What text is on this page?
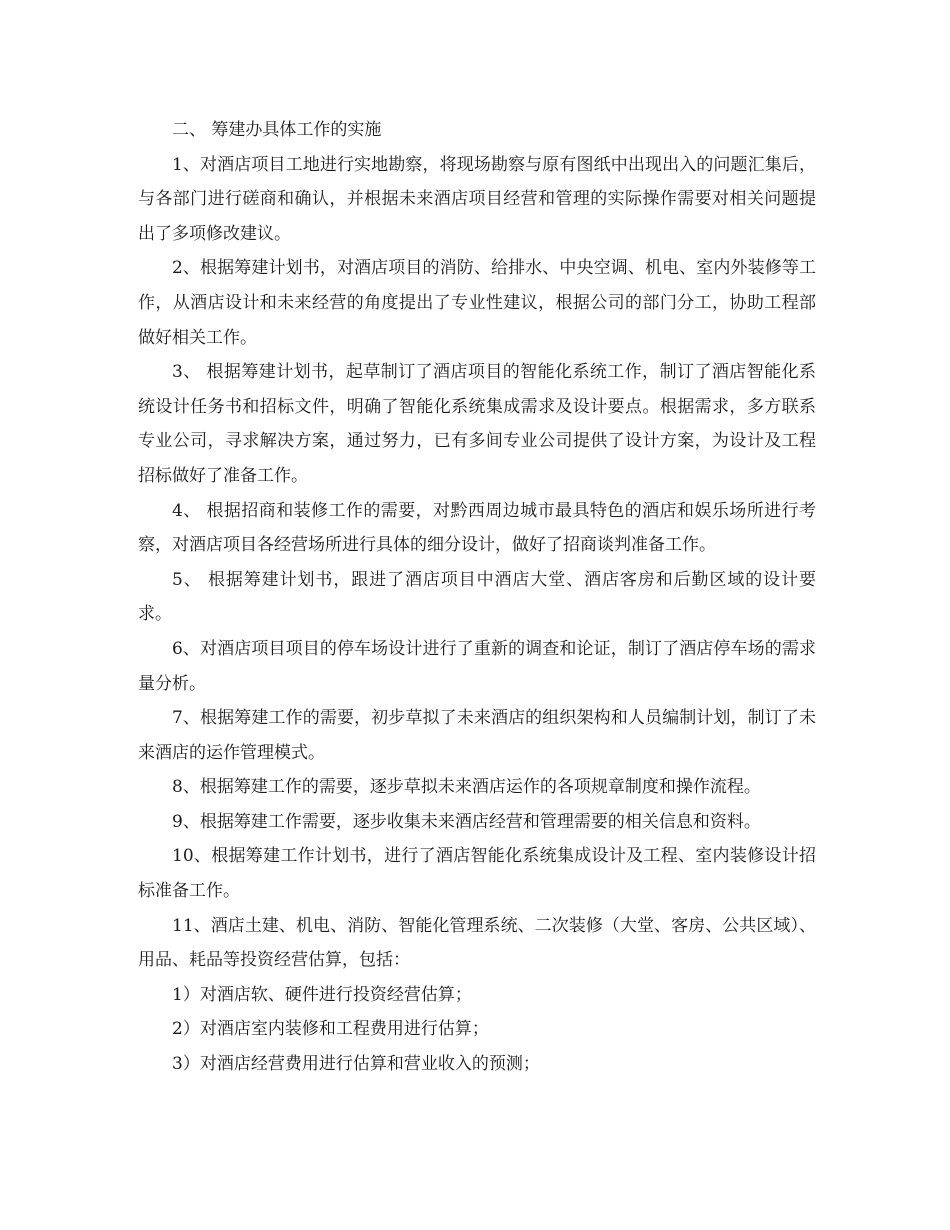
二、 筹建办具体工作的实施

1、对酒店项目工地进行实地勘察，将现场勘察与原有图纸中出现出入的问题汇集后，与各部门进行磋商和确认，并根据未来酒店项目经营和管理的实际操作需要对相关问题提出了多项修改建议。

2、根据筹建计划书，对酒店项目的消防、给排水、中央空调、机电、室内外装修等工作，从酒店设计和未来经营的角度提出了专业性建议，根据公司的部门分工，协助工程部做好相关工作。

3、 根据筹建计划书，起草制订了酒店项目的智能化系统工作，制订了酒店智能化系统设计任务书和招标文件，明确了智能化系统集成需求及设计要点。根据需求，多方联系专业公司，寻求解决方案，通过努力，已有多间专业公司提供了设计方案，为设计及工程招标做好了准备工作。

4、 根据招商和装修工作的需要，对黔西周边城市最具特色的酒店和娱乐场所进行考察，对酒店项目各经营场所进行具体的细分设计，做好了招商谈判准备工作。

5、 根据筹建计划书，跟进了酒店项目中酒店大堂、酒店客房和后勤区域的设计要求。

6、对酒店项目项目的停车场设计进行了重新的调查和论证，制订了酒店停车场的需求量分析。

7、根据筹建工作的需要，初步草拟了未来酒店的组织架构和人员编制计划，制订了未来酒店的运作管理模式。

8、根据筹建工作的需要，逐步草拟未来酒店运作的各项规章制度和操作流程。

9、根据筹建工作需要，逐步收集未来酒店经营和管理需要的相关信息和资料。

10、根据筹建工作计划书，进行了酒店智能化系统集成设计及工程、室内装修设计招标准备工作。

11、酒店土建、机电、消防、智能化管理系统、二次装修（大堂、客房、公共区域）、用品、耗品等投资经营估算，包括：

1）对酒店软、硬件进行投资经营估算；

2）对酒店室内装修和工程费用进行估算；

3）对酒店经营费用进行估算和营业收入的预测；
